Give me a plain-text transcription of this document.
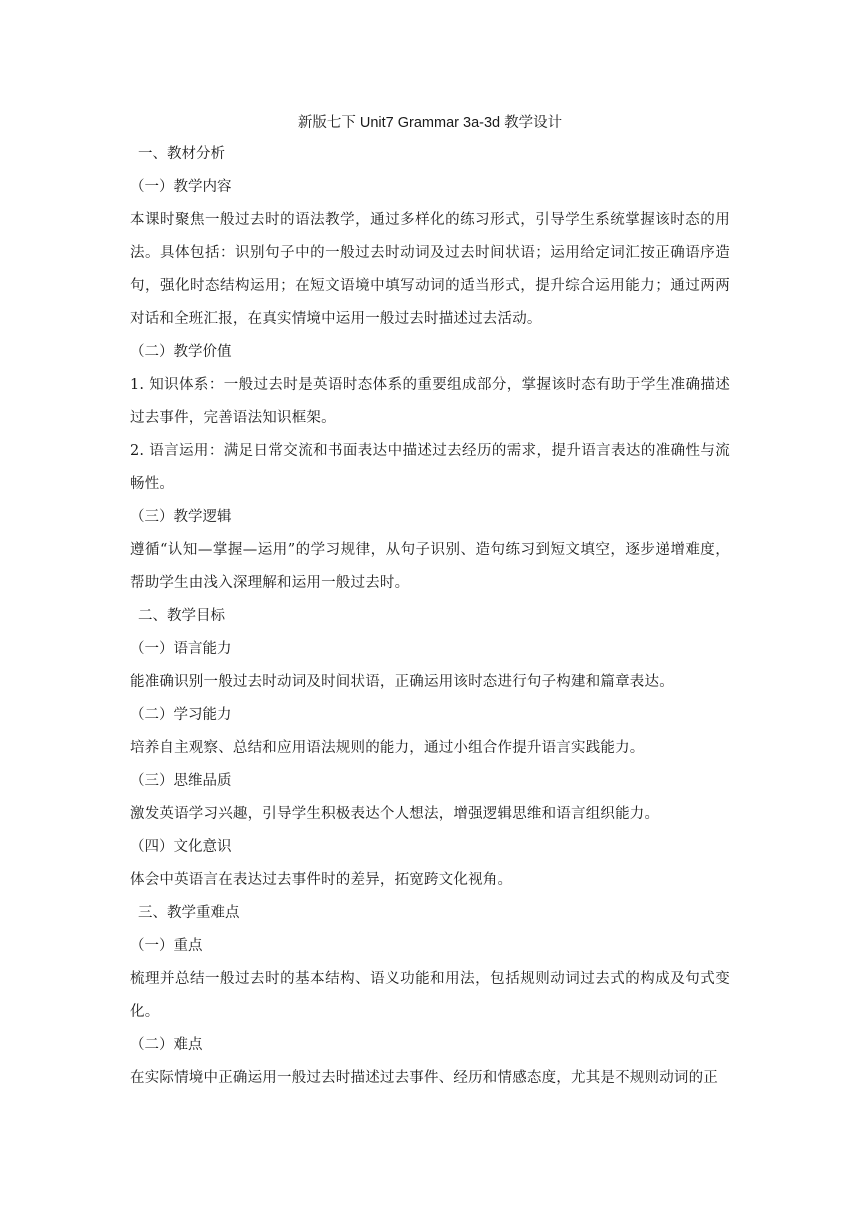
新版七下 Unit7 Grammar 3a-3d 教学设计

一、教材分析

（一）教学内容

本课时聚焦一般过去时的语法教学，通过多样化的练习形式，引导学生系统掌握该时态的用法。具体包括：识别句子中的一般过去时动词及过去时间状语；运用给定词汇按正确语序造句，强化时态结构运用；在短文语境中填写动词的适当形式，提升综合运用能力；通过两两对话和全班汇报，在真实情境中运用一般过去时描述过去活动。

（二）教学价值

1. 知识体系：一般过去时是英语时态体系的重要组成部分，掌握该时态有助于学生准确描述过去事件，完善语法知识框架。

2. 语言运用：满足日常交流和书面表达中描述过去经历的需求，提升语言表达的准确性与流畅性。

（三）教学逻辑

遵循“认知—掌握—运用”的学习规律，从句子识别、造句练习到短文填空，逐步递增难度，帮助学生由浅入深理解和运用一般过去时。

二、教学目标

（一）语言能力

能准确识别一般过去时动词及时间状语，正确运用该时态进行句子构建和篇章表达。

（二）学习能力

培养自主观察、总结和应用语法规则的能力，通过小组合作提升语言实践能力。

（三）思维品质

激发英语学习兴趣，引导学生积极表达个人想法，增强逻辑思维和语言组织能力。

（四）文化意识

体会中英语言在表达过去事件时的差异，拓宽跨文化视角。

三、教学重难点

（一）重点

梳理并总结一般过去时的基本结构、语义功能和用法，包括规则动词过去式的构成及句式变化。

（二）难点

在实际情境中正确运用一般过去时描述过去事件、经历和情感态度，尤其是不规则动词的正
